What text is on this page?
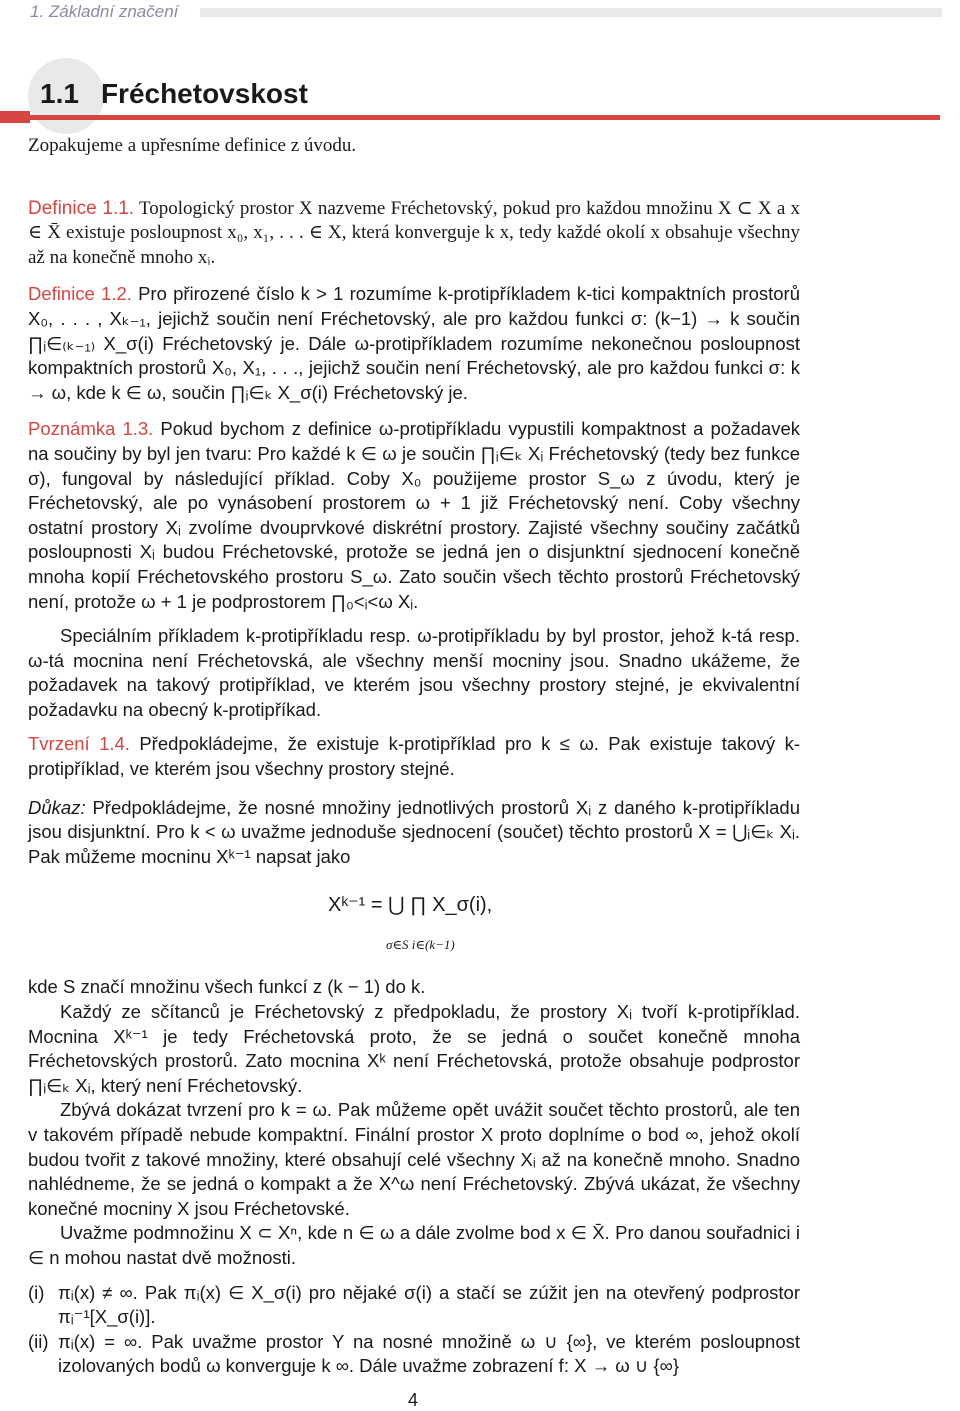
1. Základní značení
1.1 Fréchetovskost

Zopakujeme a upřesníme definice z úvodu.

Definice 1.1. Topologický prostor X nazveme Fréchetovský, pokud pro každou množinu X ⊂ X a x ∈ X̄ existuje posloupnost x₀, x₁, . . . ∈ X, která konverguje k x, tedy každé okolí x obsahuje všechny až na konečně mnoho xᵢ.

Definice 1.2. Pro přirozené číslo k > 1 rozumíme k-protipříkladem k-tici kompaktních prostorů X₀, . . . , Xₖ₋₁, jejichž součin není Fréchetovský, ale pro každou funkci σ: (k−1) → k součin ∏ᵢ∈₍ₖ₋₁₎ X_σ(i) Fréchetovský je. Dále ω-protipříkladem rozumíme nekonečnou posloupnost kompaktních prostorů X₀, X₁, . . ., jejichž součin není Fréchetovský, ale pro každou funkci σ: k → ω, kde k ∈ ω, součin ∏ᵢ∈ₖ X_σ(i) Fréchetovský je.

Poznámka 1.3. Pokud bychom z definice ω-protipříkladu vypustili kompaktnost a požadavek na součiny by byl jen tvaru: Pro každé k ∈ ω je součin ∏ᵢ∈ₖ Xᵢ Fréchetovský (tedy bez funkce σ), fungoval by následující příklad. Coby X₀ použijeme prostor S_ω z úvodu, který je Fréchetovský, ale po vynásobení prostorem ω + 1 již Fréchetovský není. Coby všechny ostatní prostory Xᵢ zvolíme dvouprvkové diskrétní prostory. Zajisté všechny součiny začátků posloupnosti Xᵢ budou Fréchetovské, protože se jedná jen o disjunktní sjednocení konečně mnoha kopií Fréchetovského prostoru S_ω. Zato součin všech těchto prostorů Fréchetovský není, protože ω + 1 je podprostorem ∏₀<ᵢ<ω Xᵢ.

Speciálním příkladem k-protipříkladu resp. ω-protipříkladu by byl prostor, jehož k-tá resp. ω-tá mocnina není Fréchetovská, ale všechny menší mocniny jsou. Snadno ukážeme, že požadavek na takový protipříklad, ve kterém jsou všechny prostory stejné, je ekvivalentní požadavku na obecný k-protipříkad.

Tvrzení 1.4. Předpokládejme, že existuje k-protipříklad pro k ≤ ω. Pak existuje takový k-protipříklad, ve kterém jsou všechny prostory stejné.

Důkaz: Předpokládejme, že nosné množiny jednotlivých prostorů Xᵢ z daného k-protipříkladu jsou disjunktní. Pro k < ω uvažme jednoduše sjednocení (součet) těchto prostorů X = ⋃ᵢ∈ₖ Xᵢ. Pak můžeme mocninu Xᵏ⁻¹ napsat jako

Xᵏ⁻¹ = ⋃ ∏ X_σ(i),
σ∈S i∈(k−1)

kde S značí množinu všech funkcí z (k − 1) do k.

Každý ze sčítanců je Fréchetovský z předpokladu, že prostory Xᵢ tvoří k-protipříklad. Mocnina Xᵏ⁻¹ je tedy Fréchetovská proto, že se jedná o součet konečně mnoha Fréchetovských prostorů. Zato mocnina Xᵏ není Fréchetovská, protože obsahuje podprostor ∏ᵢ∈ₖ Xᵢ, který není Fréchetovský.

Zbývá dokázat tvrzení pro k = ω. Pak můžeme opět uvážit součet těchto prostorů, ale ten v takovém případě nebude kompaktní. Finální prostor X proto doplníme o bod ∞, jehož okolí budou tvořit z takové množiny, které obsahují celé všechny Xᵢ až na konečně mnoho. Snadno nahlédneme, že se jedná o kompakt a že X^ω není Fréchetovský. Zbývá ukázat, že všechny konečné mocniny X jsou Fréchetovské.

Uvažme podmnožinu X ⊂ Xⁿ, kde n ∈ ω a dále zvolme bod x ∈ X̄. Pro danou souřadnici i ∈ n mohou nastat dvě možnosti.

(i) πᵢ(x) ≠ ∞. Pak πᵢ(x) ∈ X_σ(i) pro nějaké σ(i) a stačí se zúžit jen na otevřený podprostor πᵢ⁻¹[X_σ(i)].
(ii) πᵢ(x) = ∞. Pak uvažme prostor Y na nosné množině ω ∪ {∞}, ve kterém posloupnost izolovaných bodů ω konverguje k ∞. Dále uvažme zobrazení f: X → ω ∪ {∞}
4
